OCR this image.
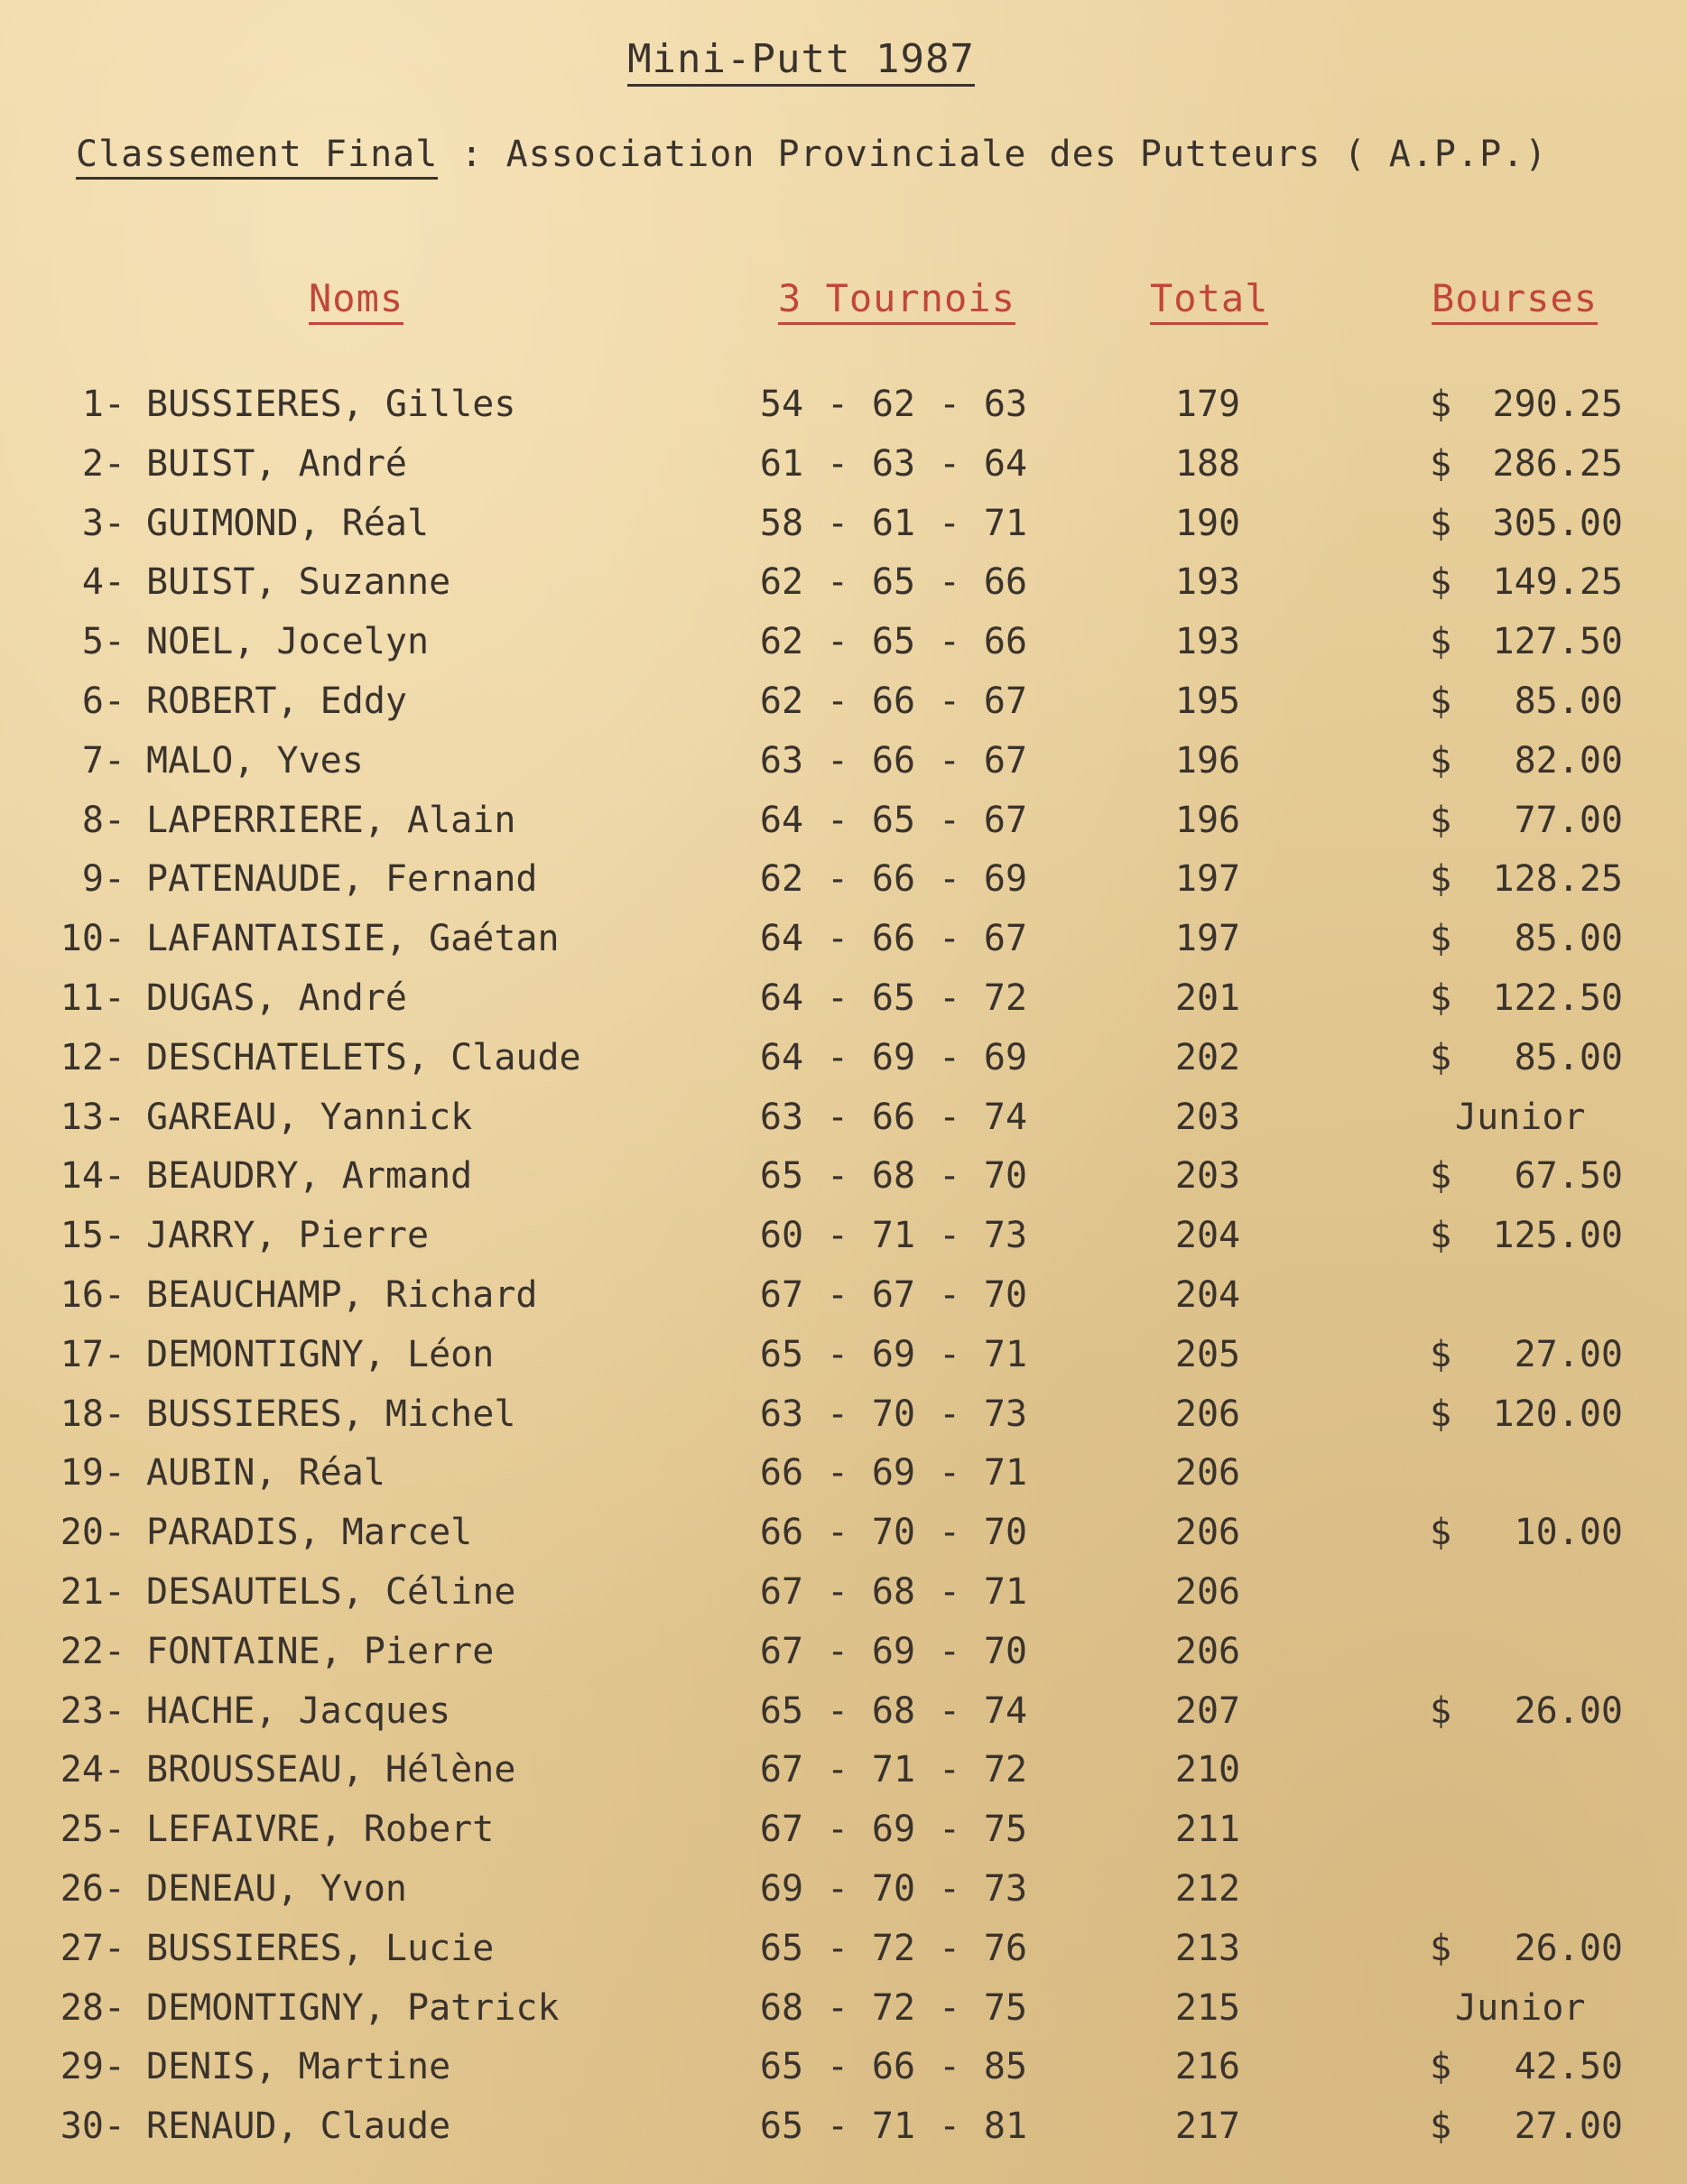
Mini-Putt 1987
Classement Final : Association Provinciale des Putteurs ( A.P.P.)
Noms	3 Tournois	Total	Bourses
1- BUSSIERES, Gilles	54 - 62 - 63	179	$ 290.25
2- BUIST, André	61 - 63 - 64	188	$ 286.25
3- GUIMOND, Réal	58 - 61 - 71	190	$ 305.00
4- BUIST, Suzanne	62 - 65 - 66	193	$ 149.25
5- NOEL, Jocelyn	62 - 65 - 66	193	$ 127.50
6- ROBERT, Eddy	62 - 66 - 67	195	$ 85.00
7- MALO, Yves	63 - 66 - 67	196	$ 82.00
8- LAPERRIERE, Alain	64 - 65 - 67	196	$ 77.00
9- PATENAUDE, Fernand	62 - 66 - 69	197	$ 128.25
10- LAFANTAISIE, Gaétan	64 - 66 - 67	197	$ 85.00
11- DUGAS, André	64 - 65 - 72	201	$ 122.50
12- DESCHATELETS, Claude	64 - 69 - 69	202	$ 85.00
13- GAREAU, Yannick	63 - 66 - 74	203	Junior
14- BEAUDRY, Armand	65 - 68 - 70	203	$ 67.50
15- JARRY, Pierre	60 - 71 - 73	204	$ 125.00
16- BEAUCHAMP, Richard	67 - 67 - 70	204
17- DEMONTIGNY, Léon	65 - 69 - 71	205	$ 27.00
18- BUSSIERES, Michel	63 - 70 - 73	206	$ 120.00
19- AUBIN, Réal	66 - 69 - 71	206
20- PARADIS, Marcel	66 - 70 - 70	206	$ 10.00
21- DESAUTELS, Céline	67 - 68 - 71	206
22- FONTAINE, Pierre	67 - 69 - 70	206
23- HACHE, Jacques	65 - 68 - 74	207	$ 26.00
24- BROUSSEAU, Hélène	67 - 71 - 72	210
25- LEFAIVRE, Robert	67 - 69 - 75	211
26- DENEAU, Yvon	69 - 70 - 73	212
27- BUSSIERES, Lucie	65 - 72 - 76	213	$ 26.00
28- DEMONTIGNY, Patrick	68 - 72 - 75	215	Junior
29- DENIS, Martine	65 - 66 - 85	216	$ 42.50
30- RENAUD, Claude	65 - 71 - 81	217	$ 27.00
